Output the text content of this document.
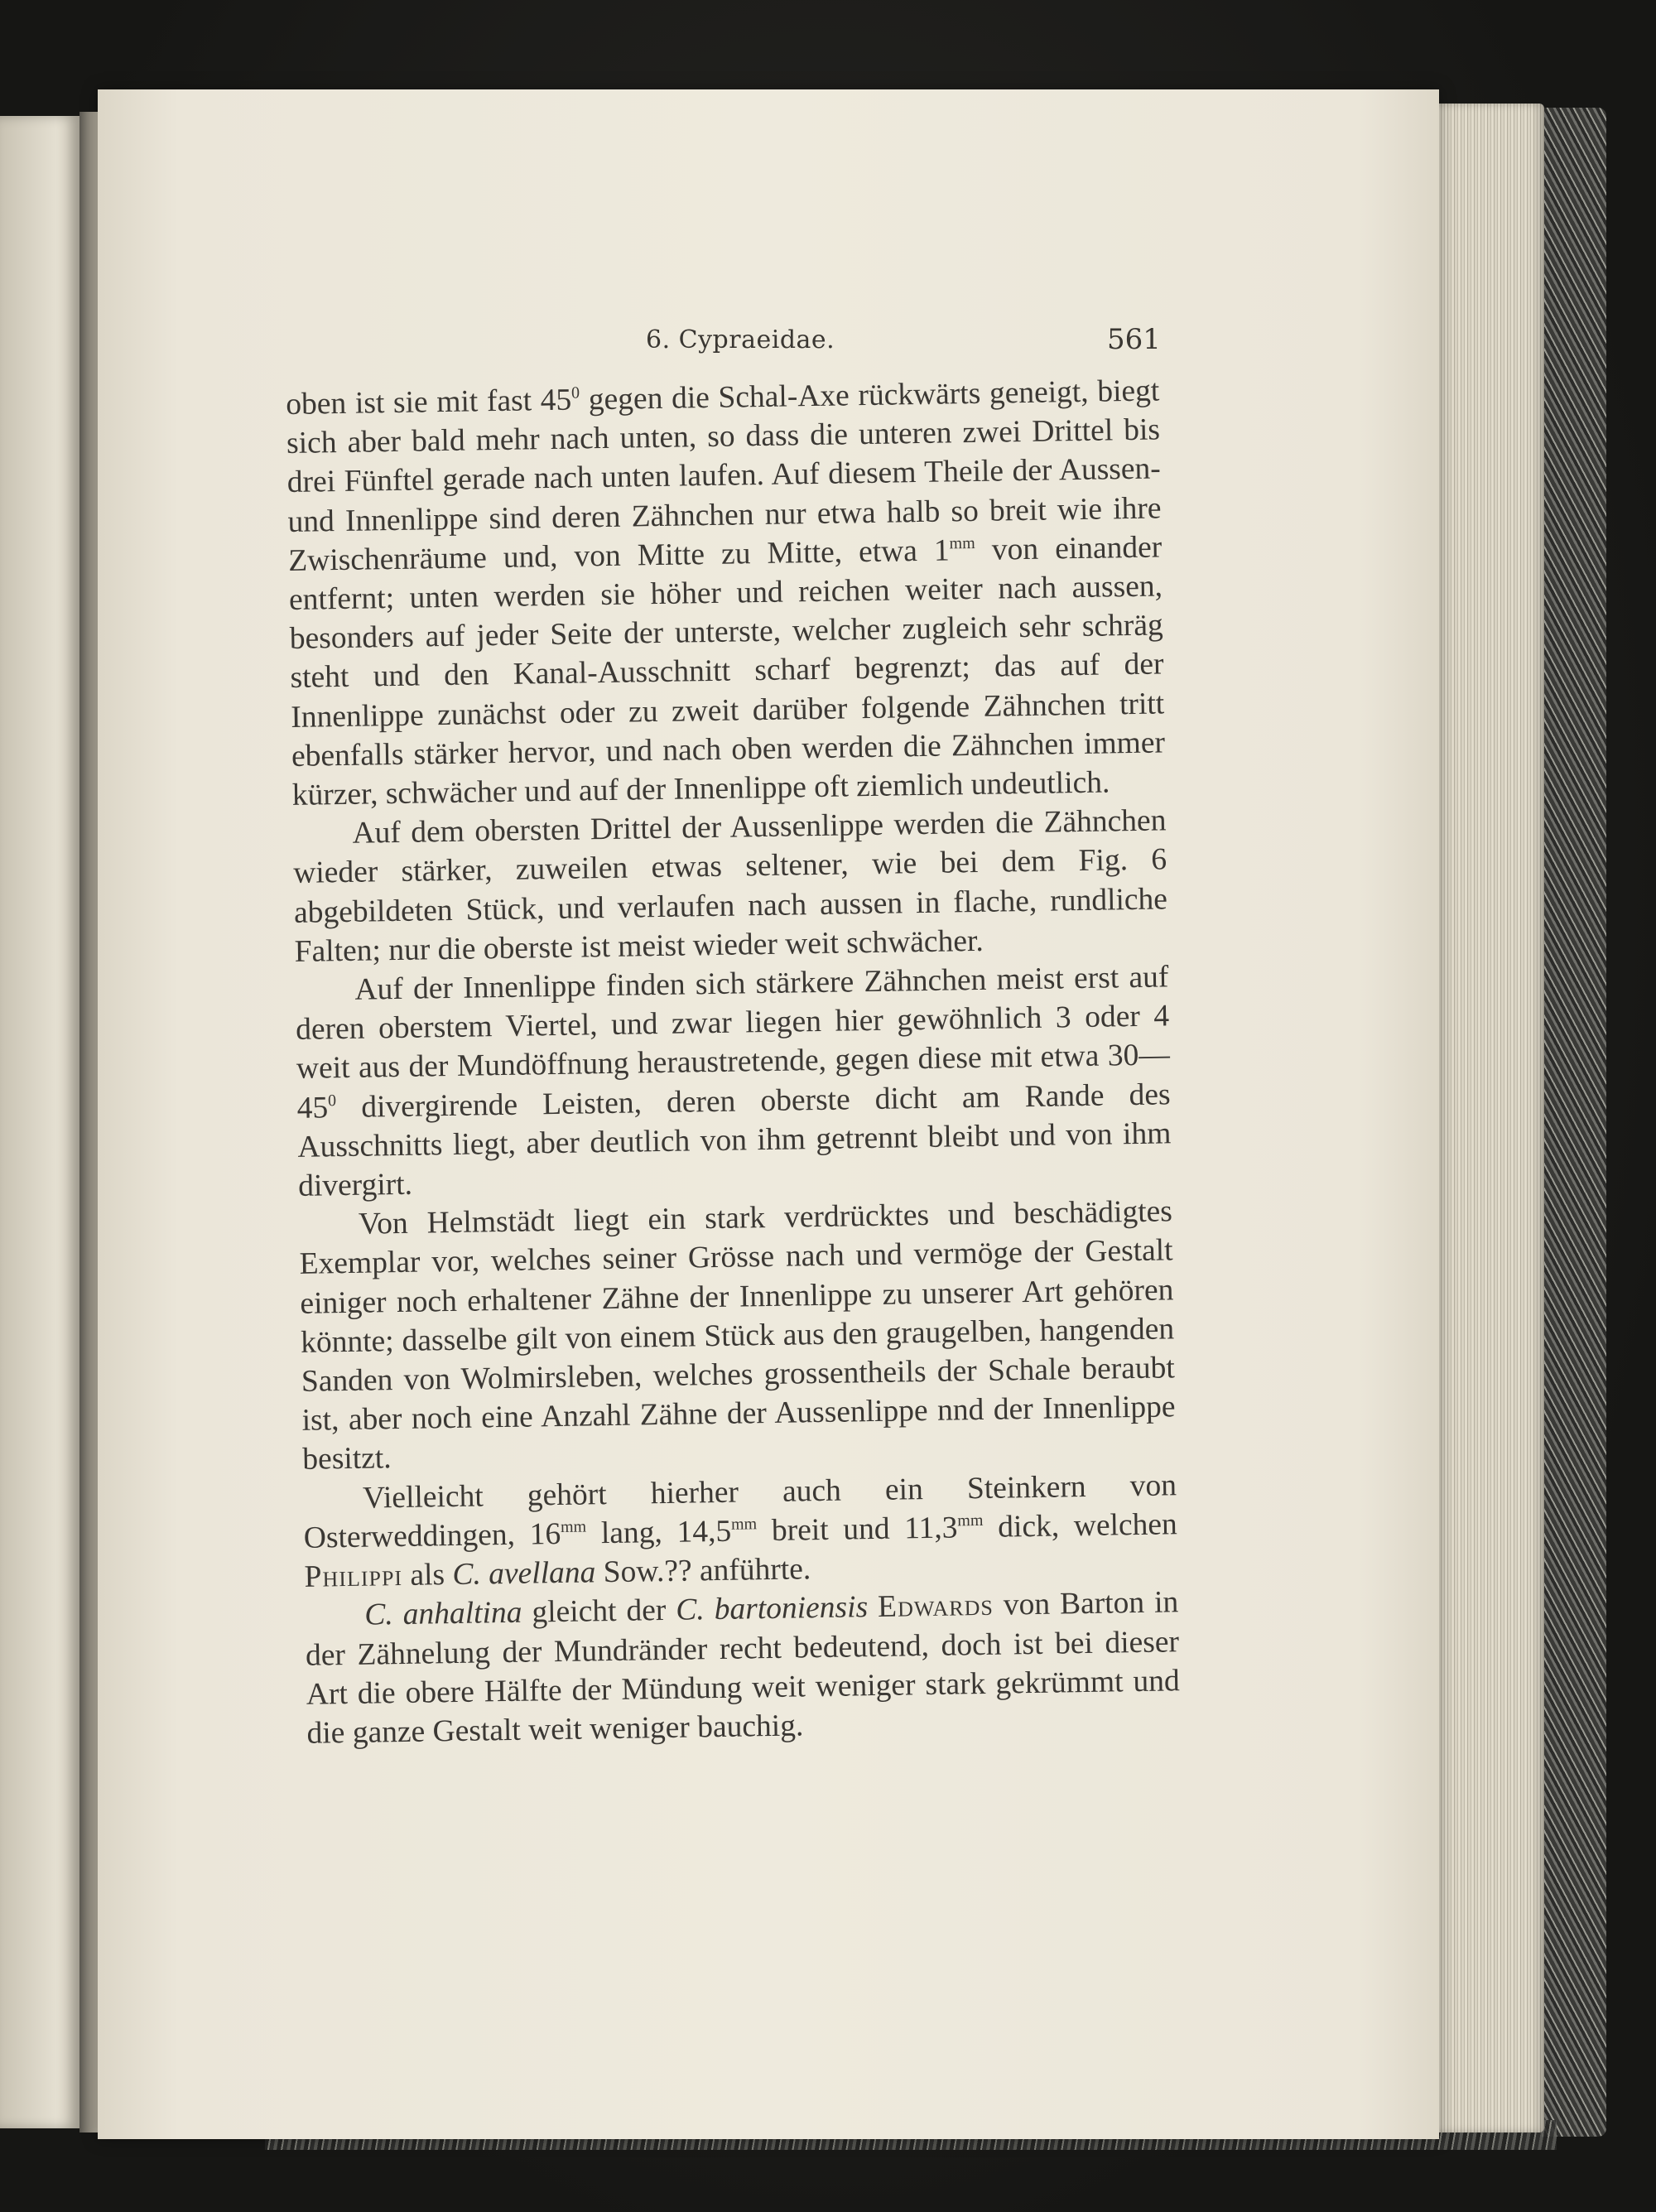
6. Cypraeidae.	561

oben ist sie mit fast $45^0$ gegen die Schal-Axe rückwärts geneigt, biegt sich aber bald mehr nach unten, so dass die unteren zwei Drittel bis drei Fünftel gerade nach unten laufen. Auf diesem Theile der Aussen- und Innenlippe sind deren Zähnchen nur etwa halb so breit wie ihre Zwischenräume und, von Mitte zu Mitte, etwa $1^{mm}$ von einander entfernt; unten werden sie höher und reichen weiter nach aussen, besonders auf jeder Seite der unterste, welcher zugleich sehr schräg steht und den Kanal-Ausschnitt scharf begrenzt; das auf der Innenlippe zunächst oder zu zweit darüber folgende Zähnchen tritt ebenfalls stärker hervor, und nach oben werden die Zähnchen immer kürzer, schwächer und auf der Innenlippe oft ziemlich undeutlich.

Auf dem obersten Drittel der Aussenlippe werden die Zähnchen wieder stärker, zuweilen etwas seltener, wie bei dem Fig. 6 abgebildeten Stück, und verlaufen nach aussen in flache, rundliche Falten; nur die oberste ist meist wieder weit schwächer.

Auf der Innenlippe finden sich stärkere Zähnchen meist erst auf deren oberstem Viertel, und zwar liegen hier gewöhnlich 3 oder 4 weit aus der Mundöffnung heraustretende, gegen diese mit etwa $30—45^0$ divergirende Leisten, deren oberste dicht am Rande des Ausschnitts liegt, aber deutlich von ihm getrennt bleibt und von ihm divergirt.

Von Helmstädt liegt ein stark verdrücktes und beschädigtes Exemplar vor, welches seiner Grösse nach und vermöge der Gestalt einiger noch erhaltener Zähne der Innenlippe zu unserer Art gehören könnte; dasselbe gilt von einem Stück aus den graugelben, hangenden Sanden von Wolmirsleben, welches grossentheils der Schale beraubt ist, aber noch eine Anzahl Zähne der Aussenlippe nnd der Innenlippe besitzt.

Vielleicht gehört hierher auch ein Steinkern von Osterweddingen, $16^{mm}$ lang, $14,5^{mm}$ breit und $11,3^{mm}$ dick, welchen Philippi als C. avellana Sow.?? anführte.

C. anhaltina gleicht der C. bartoniensis Edwards von Barton in der Zähnelung der Mundränder recht bedeutend, doch ist bei dieser Art die obere Hälfte der Mündung weit weniger stark gekrümmt und die ganze Gestalt weit weniger bauchig.
